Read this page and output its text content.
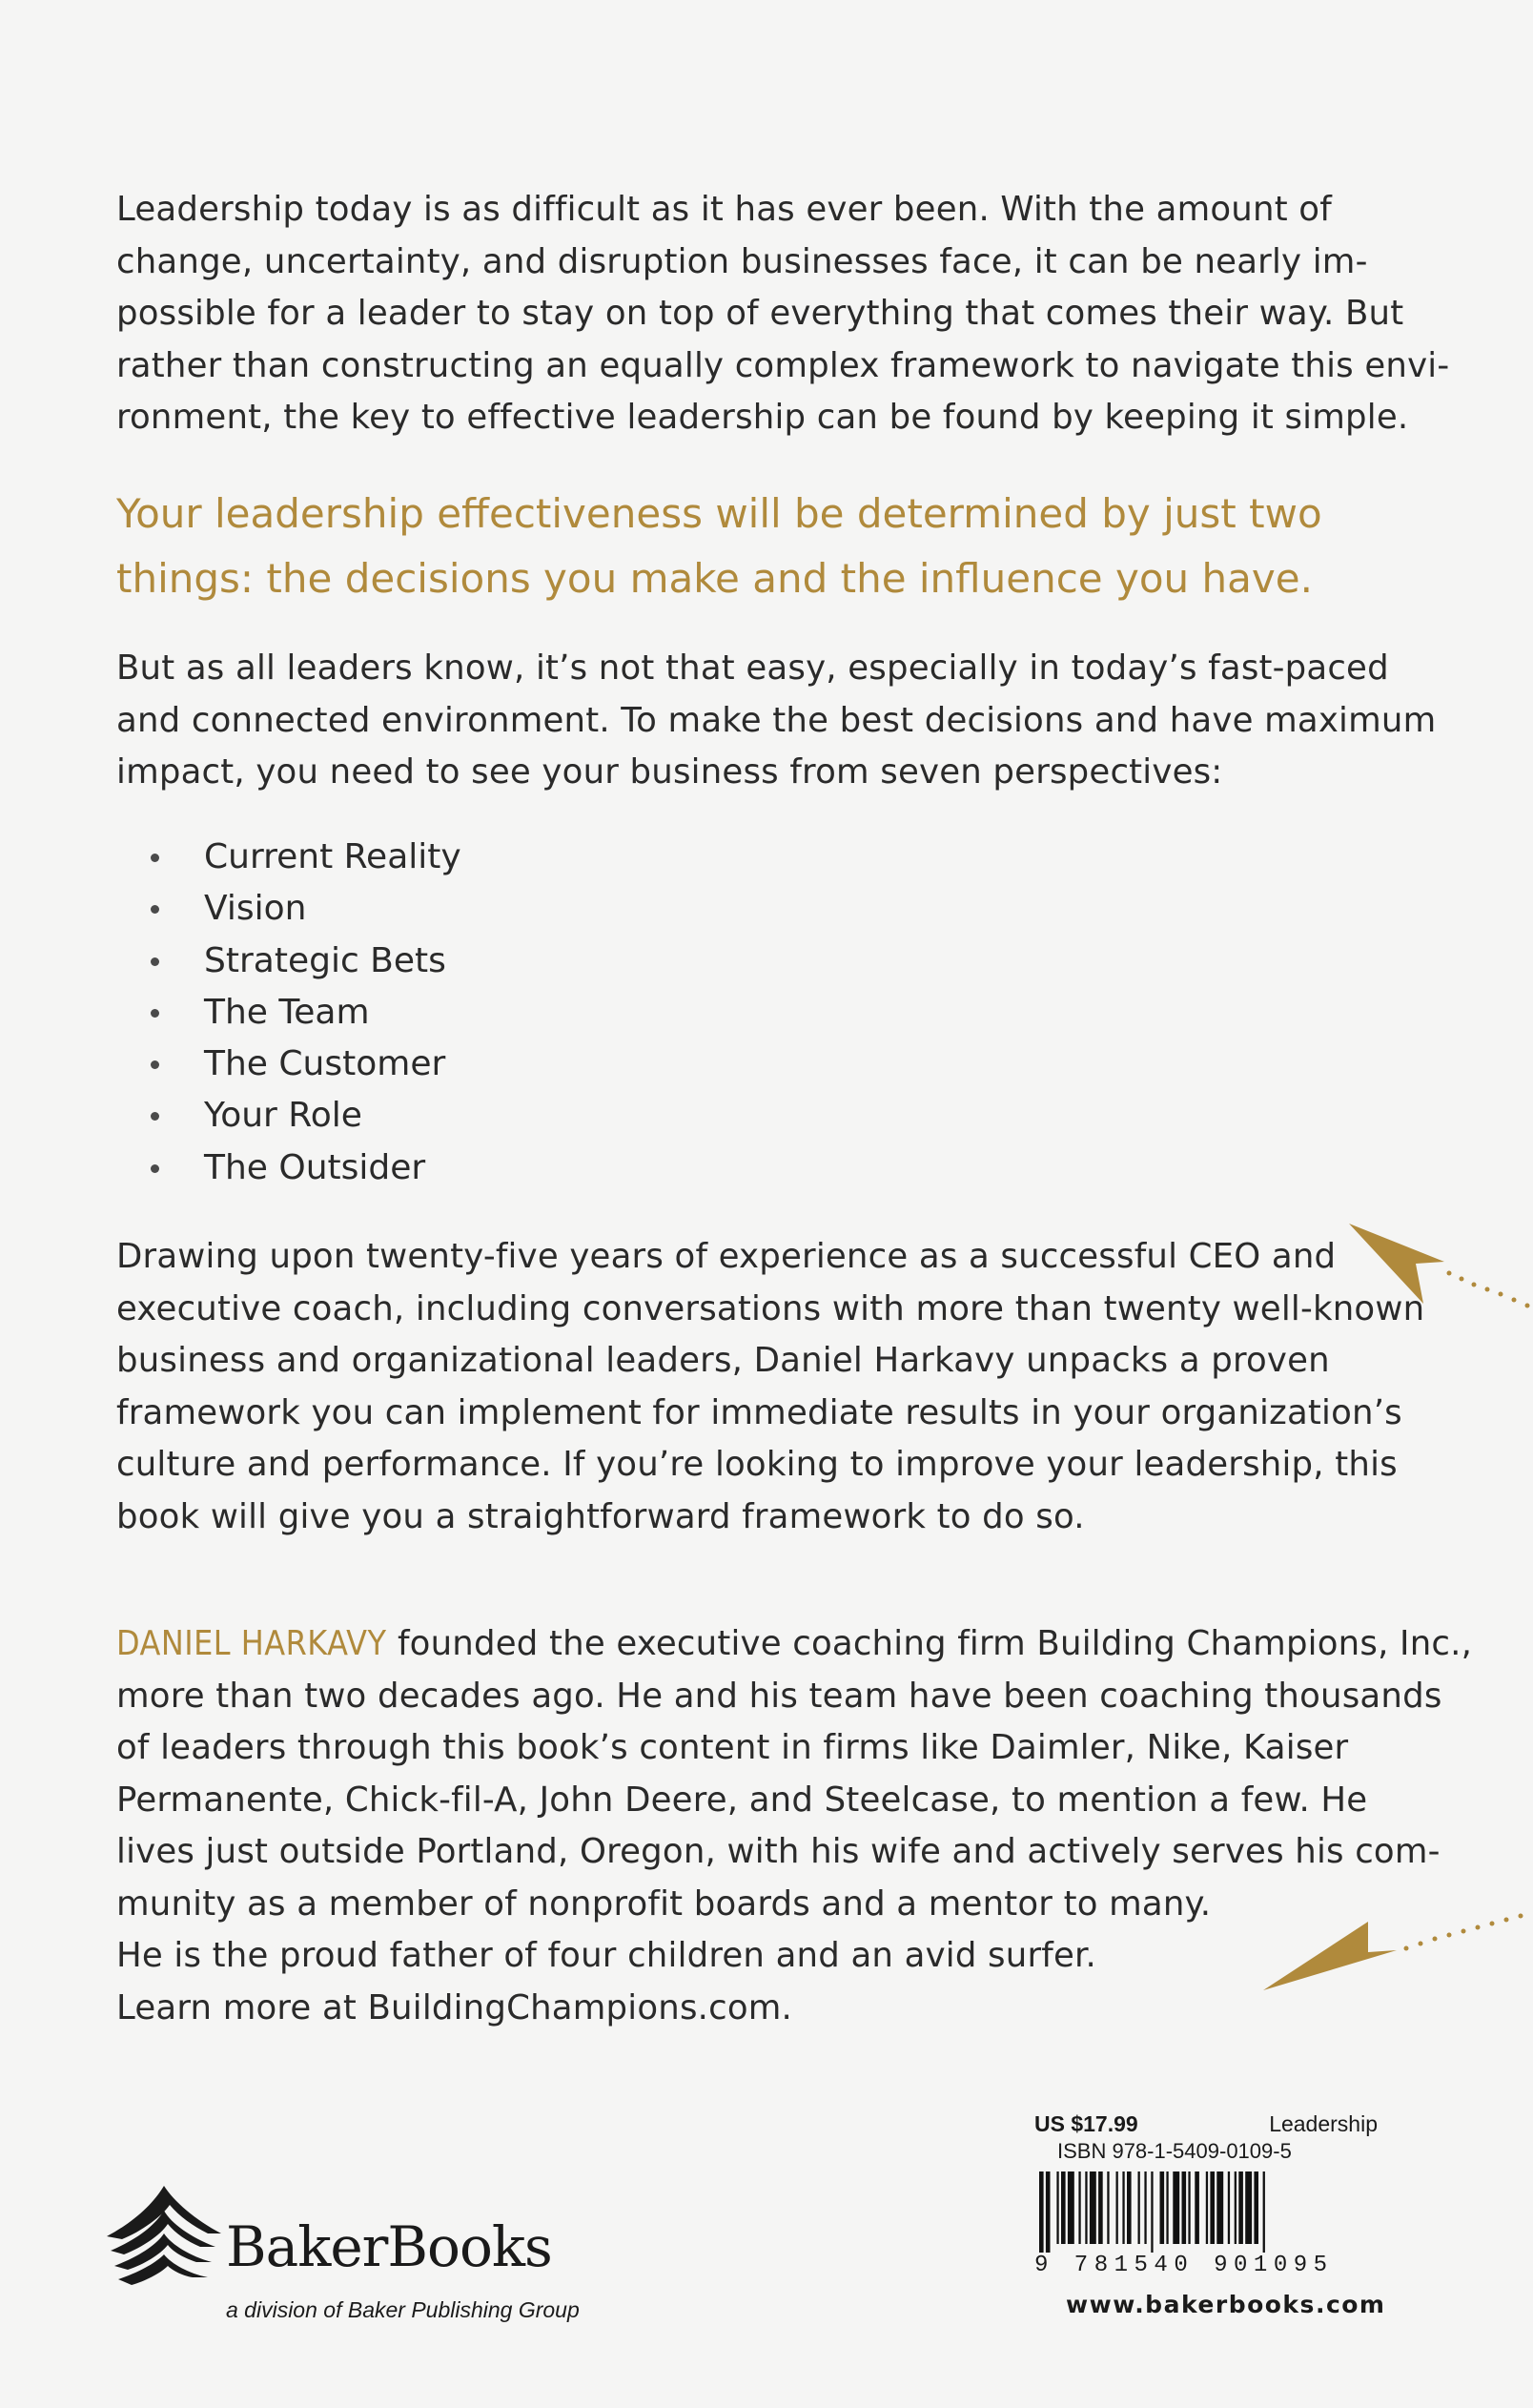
Leadership today is as difficult as it has ever been. With the amount of
change, uncertainty, and disruption businesses face, it can be nearly im-
possible for a leader to stay on top of everything that comes their way. But
rather than constructing an equally complex framework to navigate this envi-
ronment, the key to effective leadership can be found by keeping it simple.

Your leadership effectiveness will be determined by just two
things: the decisions you make and the influence you have.

But as all leaders know, it’s not that easy, especially in today’s fast-paced
and connected environment. To make the best decisions and have maximum
impact, you need to see your business from seven perspectives:

Current Reality
Vision
Strategic Bets
The Team
The Customer
Your Role
The Outsider

Drawing upon twenty-five years of experience as a successful CEO and
executive coach, including conversations with more than twenty well-known
business and organizational leaders, Daniel Harkavy unpacks a proven
framework you can implement for immediate results in your organization’s
culture and performance. If you’re looking to improve your leadership, this
book will give you a straightforward framework to do so.

DANIEL HARKAVY founded the executive coaching firm Building Champions, Inc.,
more than two decades ago. He and his team have been coaching thousands
of leaders through this book’s content in firms like Daimler, Nike, Kaiser
Permanente, Chick-fil-A, John Deere, and Steelcase, to mention a few. He
lives just outside Portland, Oregon, with his wife and actively serves his com-
munity as a member of nonprofit boards and a mentor to many.
He is the proud father of four children and an avid surfer.
Learn more at BuildingChampions.com.

US $17.99	Leadership
ISBN 978-1-5409-0109-5
9 781540 901095
www.bakerbooks.com
BakerBooks
a division of Baker Publishing Group
